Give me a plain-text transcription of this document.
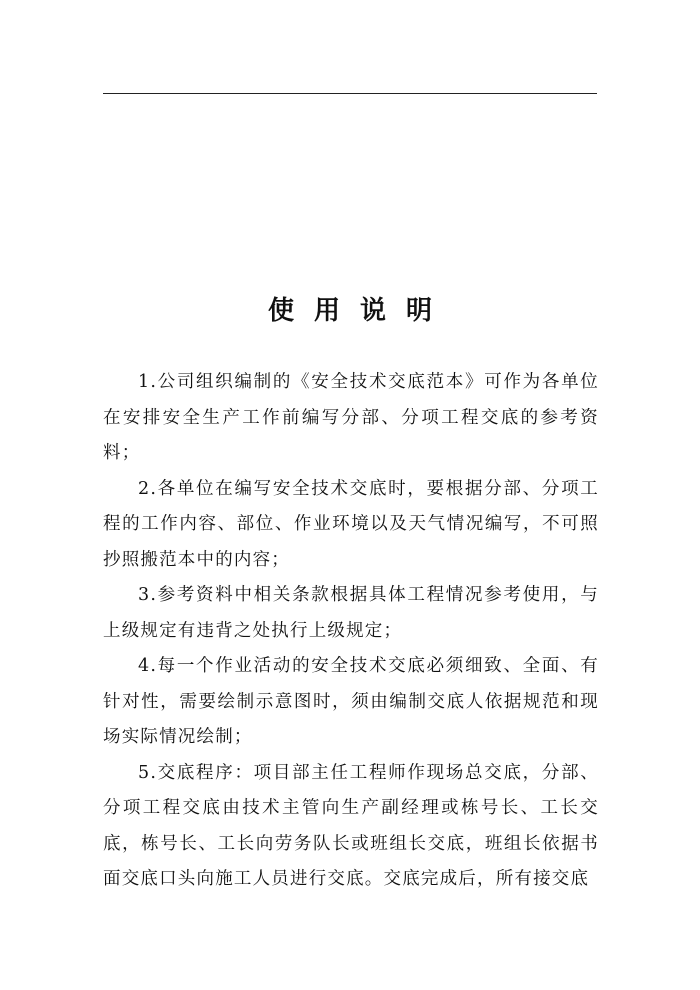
使用说明

1.公司组织编制的《安全技术交底范本》可作为各单位在安排安全生产工作前编写分部、分项工程交底的参考资料；

2.各单位在编写安全技术交底时，要根据分部、分项工程的工作内容、部位、作业环境以及天气情况编写，不可照抄照搬范本中的内容；

3.参考资料中相关条款根据具体工程情况参考使用，与上级规定有违背之处执行上级规定；

4.每一个作业活动的安全技术交底必须细致、全面、有针对性，需要绘制示意图时，须由编制交底人依据规范和现场实际情况绘制；

5.交底程序：项目部主任工程师作现场总交底，分部、分项工程交底由技术主管向生产副经理或栋号长、工长交底，栋号长、工长向劳务队长或班组长交底，班组长依据书面交底口头向施工人员进行交底。交底完成后，所有接交底
